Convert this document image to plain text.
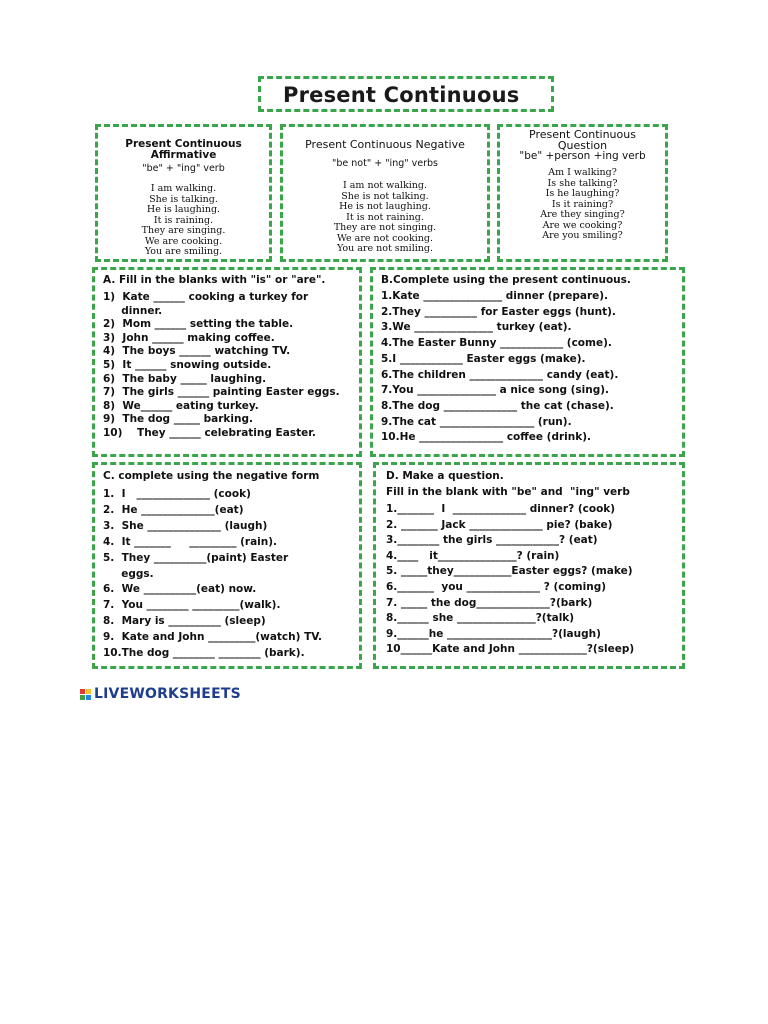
Present Continuous
Present Continuous Affirmative
"be" + "ing" verb
I am walking.
She is talking.
He is laughing.
It is raining.
They are singing.
We are cooking.
You are smiling.
Present Continuous Negative
"be not" + "ing" verbs
I am not walking.
She is not talking.
He is not laughing.
It is not raining.
They are not singing.
We are not cooking.
You are not smiling.
Present Continuous
Question
"be" +person +ing verb
Am I walking?
Is she talking?
Is he laughing?
Is it raining?
Are they singing?
Are we cooking?
Are you smiling?
A. Fill in the blanks with "is" or "are".
1)  Kate ______ cooking a turkey for
dinner.
2)  Mom ______ setting the table.
3)  John ______ making coffee.
4)  The boys ______ watching TV.
5)  It ______ snowing outside.
6)  The baby _____ laughing.
7)  The girls ______ painting Easter eggs.
8)  We______ eating turkey.
9)  The dog _____ barking.
10)    They ______ celebrating Easter.
B.Complete using the present continuous.
1.Kate _______________ dinner (prepare).
2.They __________ for Easter eggs (hunt).
3.We _______________ turkey (eat).
4.The Easter Bunny ____________ (come).
5.I ____________ Easter eggs (make).
6.The children ______________ candy (eat).
7.You _______________ a nice song (sing).
8.The dog ______________ the cat (chase).
9.The cat __________________ (run).
10.He ________________ coffee (drink).
C. complete using the negative form
1.  I   ______________ (cook)
2.  He ______________(eat)
3.  She ______________ (laugh)
4.  It _______     _________ (rain).
5.  They __________(paint) Easter
eggs.
6.  We __________(eat) now.
7.  You ________ _________(walk).
8.  Mary is __________ (sleep)
9.  Kate and John _________(watch) TV.
10.The dog ________ ________ (bark).
D. Make a question.
Fill in the blank with "be" and  "ing" verb
1._______  I  ______________ dinner? (cook)
2. _______ Jack ______________ pie? (bake)
3.________ the girls ____________? (eat)
4.____   it_______________? (rain)
5. _____they___________Easter eggs? (make)
6._______  you ______________ ? (coming)
7. _____ the dog______________?(bark)
8.______ she _______________?(talk)
9.______he ____________________?(laugh)
10______Kate and John _____________?(sleep)
LIVEWORKSHEETS
